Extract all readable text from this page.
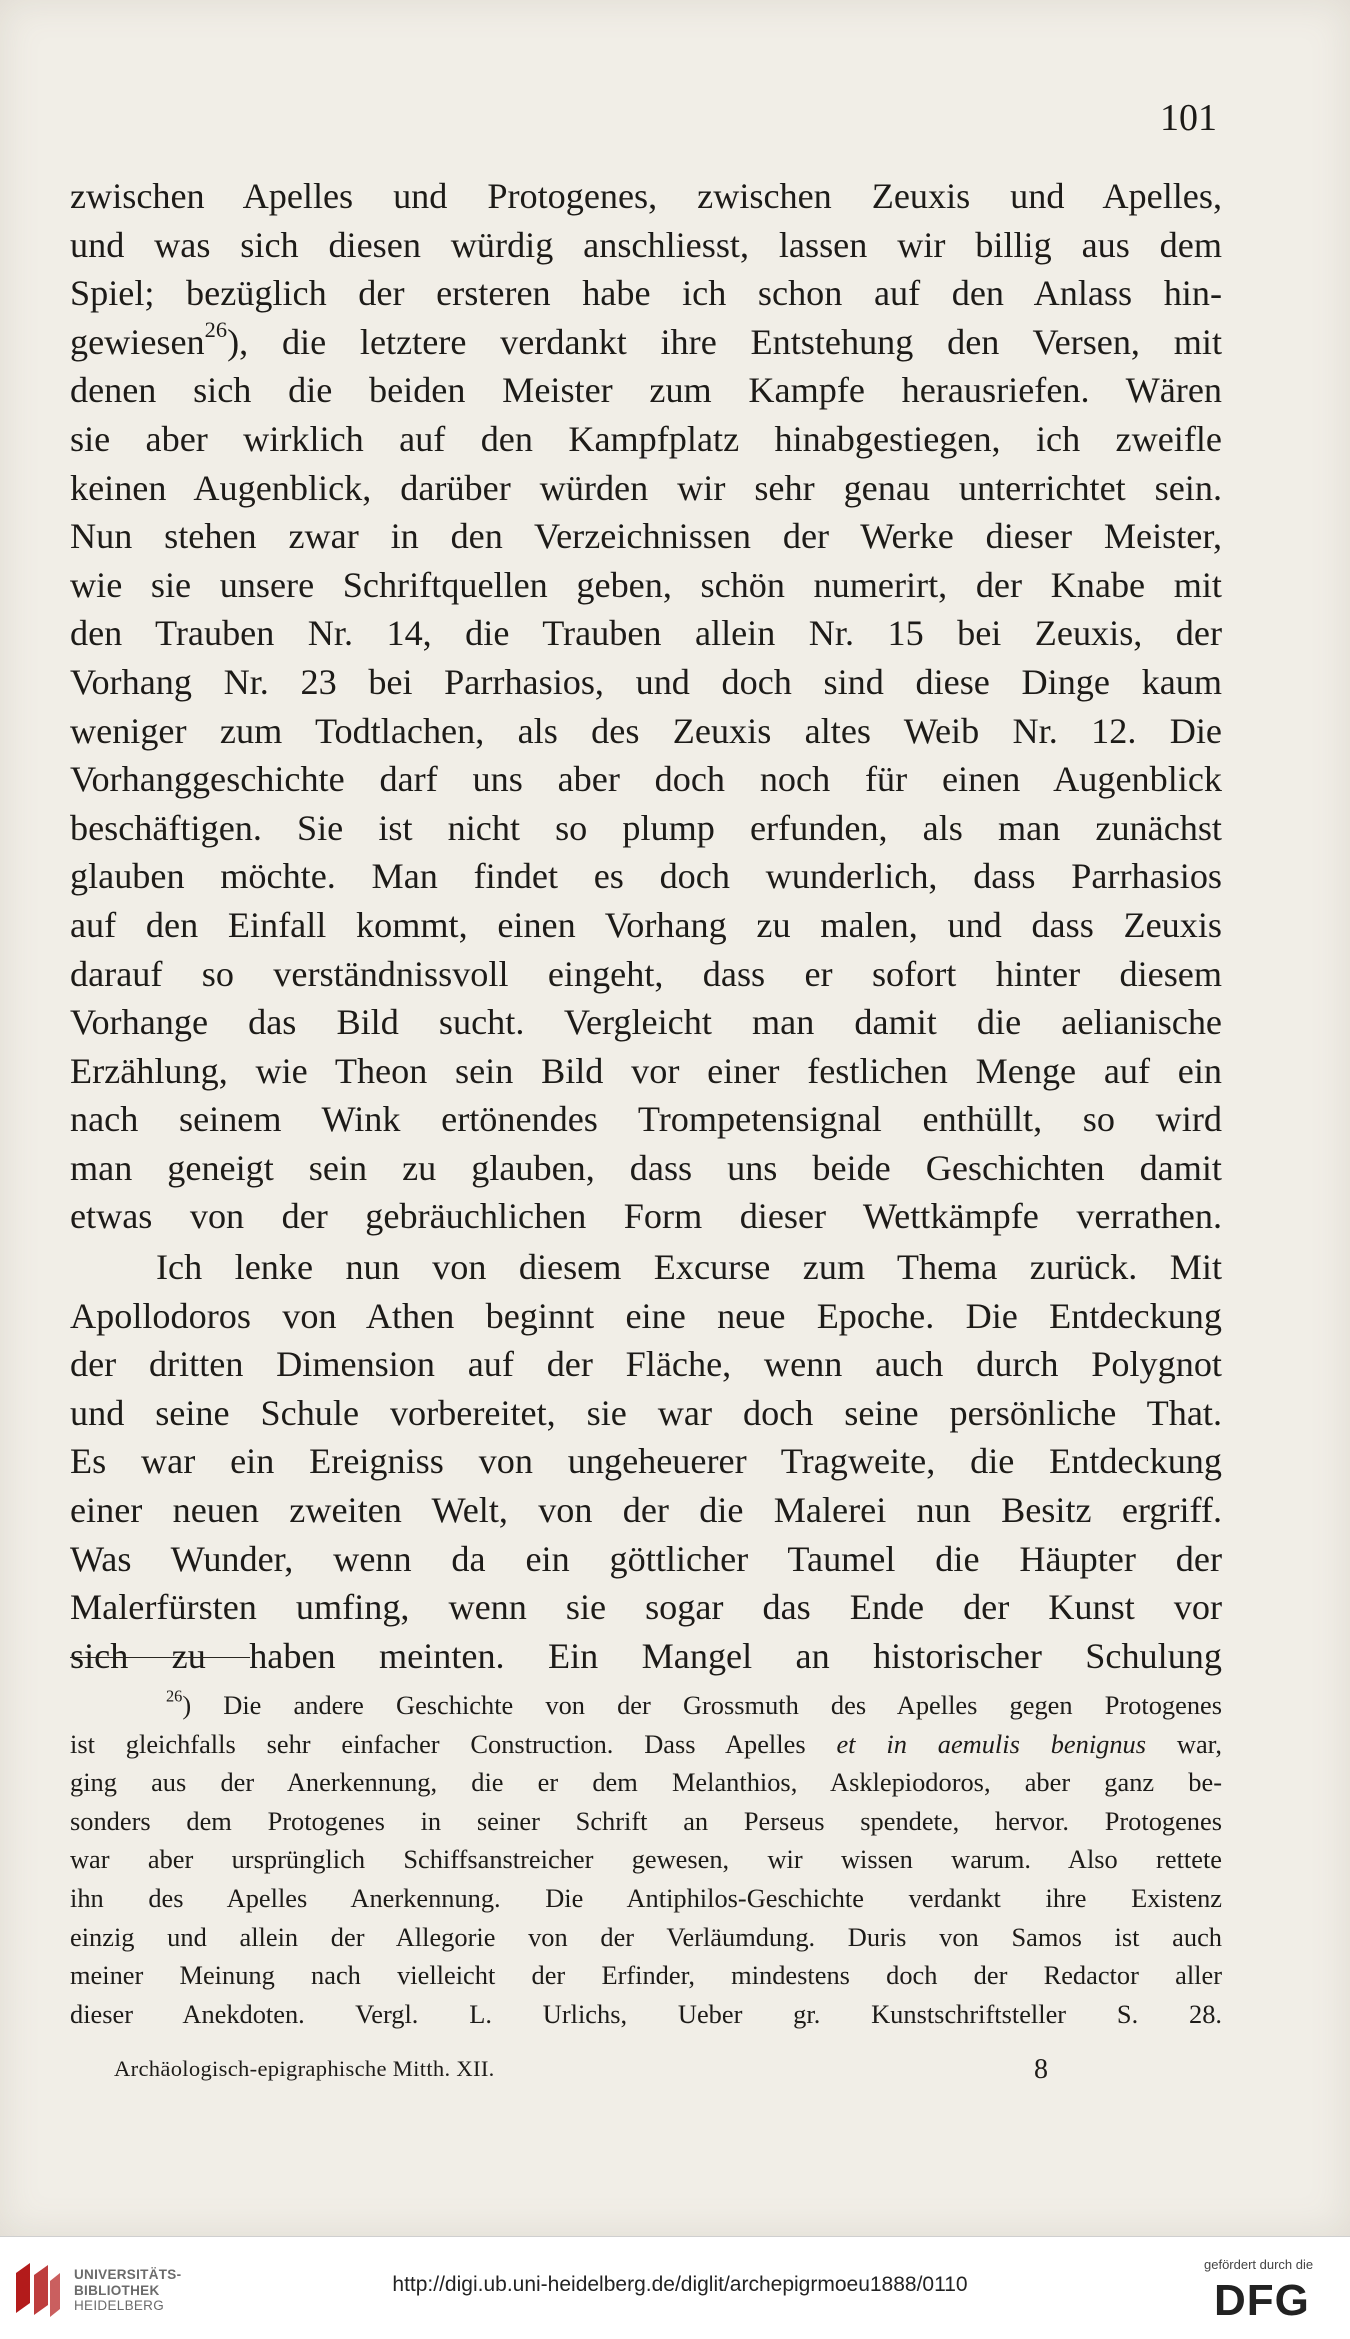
101
zwischen Apelles und Protogenes, zwischen Zeuxis und Apelles,
und was sich diesen würdig anschliesst, lassen wir billig aus dem
Spiel; bezüglich der ersteren habe ich schon auf den Anlass hin-
gewiesen$^{26}$), die letztere verdankt ihre Entstehung den Versen, mit
denen sich die beiden Meister zum Kampfe herausriefen. Wären
sie aber wirklich auf den Kampfplatz hinabgestiegen, ich zweifle
keinen Augenblick, darüber würden wir sehr genau unterrichtet sein.
Nun stehen zwar in den Verzeichnissen der Werke dieser Meister,
wie sie unsere Schriftquellen geben, schön numerirt, der Knabe mit
den Trauben Nr. 14, die Trauben allein Nr. 15 bei Zeuxis, der
Vorhang Nr. 23 bei Parrhasios, und doch sind diese Dinge kaum
weniger zum Todtlachen, als des Zeuxis altes Weib Nr. 12. Die
Vorhanggeschichte darf uns aber doch noch für einen Augenblick
beschäftigen. Sie ist nicht so plump erfunden, als man zunächst
glauben möchte. Man findet es doch wunderlich, dass Parrhasios
auf den Einfall kommt, einen Vorhang zu malen, und dass Zeuxis
darauf so verständnissvoll eingeht, dass er sofort hinter diesem
Vorhange das Bild sucht. Vergleicht man damit die aelianische
Erzählung, wie Theon sein Bild vor einer festlichen Menge auf ein
nach seinem Wink ertönendes Trompetensignal enthüllt, so wird
man geneigt sein zu glauben, dass uns beide Geschichten damit
etwas von der gebräuchlichen Form dieser Wettkämpfe verrathen.
Ich lenke nun von diesem Excurse zum Thema zurück. Mit
Apollodoros von Athen beginnt eine neue Epoche. Die Entdeckung
der dritten Dimension auf der Fläche, wenn auch durch Polygnot
und seine Schule vorbereitet, sie war doch seine persönliche That.
Es war ein Ereigniss von ungeheuerer Tragweite, die Entdeckung
einer neuen zweiten Welt, von der die Malerei nun Besitz ergriff.
Was Wunder, wenn da ein göttlicher Taumel die Häupter der
Malerfürsten umfing, wenn sie sogar das Ende der Kunst vor
sich zu haben meinten. Ein Mangel an historischer Schulung
$^{26}$) Die andere Geschichte von der Grossmuth des Apelles gegen Protogenes
ist gleichfalls sehr einfacher Construction. Dass Apelles et in aemulis benignus war,
ging aus der Anerkennung, die er dem Melanthios, Asklepiodoros, aber ganz be-
sonders dem Protogenes in seiner Schrift an Perseus spendete, hervor. Protogenes
war aber ursprünglich Schiffsanstreicher gewesen, wir wissen warum. Also rettete
ihn des Apelles Anerkennung. Die Antiphilos-Geschichte verdankt ihre Existenz
einzig und allein der Allegorie von der Verläumdung. Duris von Samos ist auch
meiner Meinung nach vielleicht der Erfinder, mindestens doch der Redactor aller
dieser Anekdoten. Vergl. L. Urlichs, Ueber gr. Kunstschriftsteller S. 28.
Archäologisch-epigraphische Mitth. XII.	8
UNIVERSITÄTS-
BIBLIOTHEK
HEIDELBERG
http://digi.ub.uni-heidelberg.de/diglit/archepigrmoeu1888/0110
gefördert durch die
DFG
